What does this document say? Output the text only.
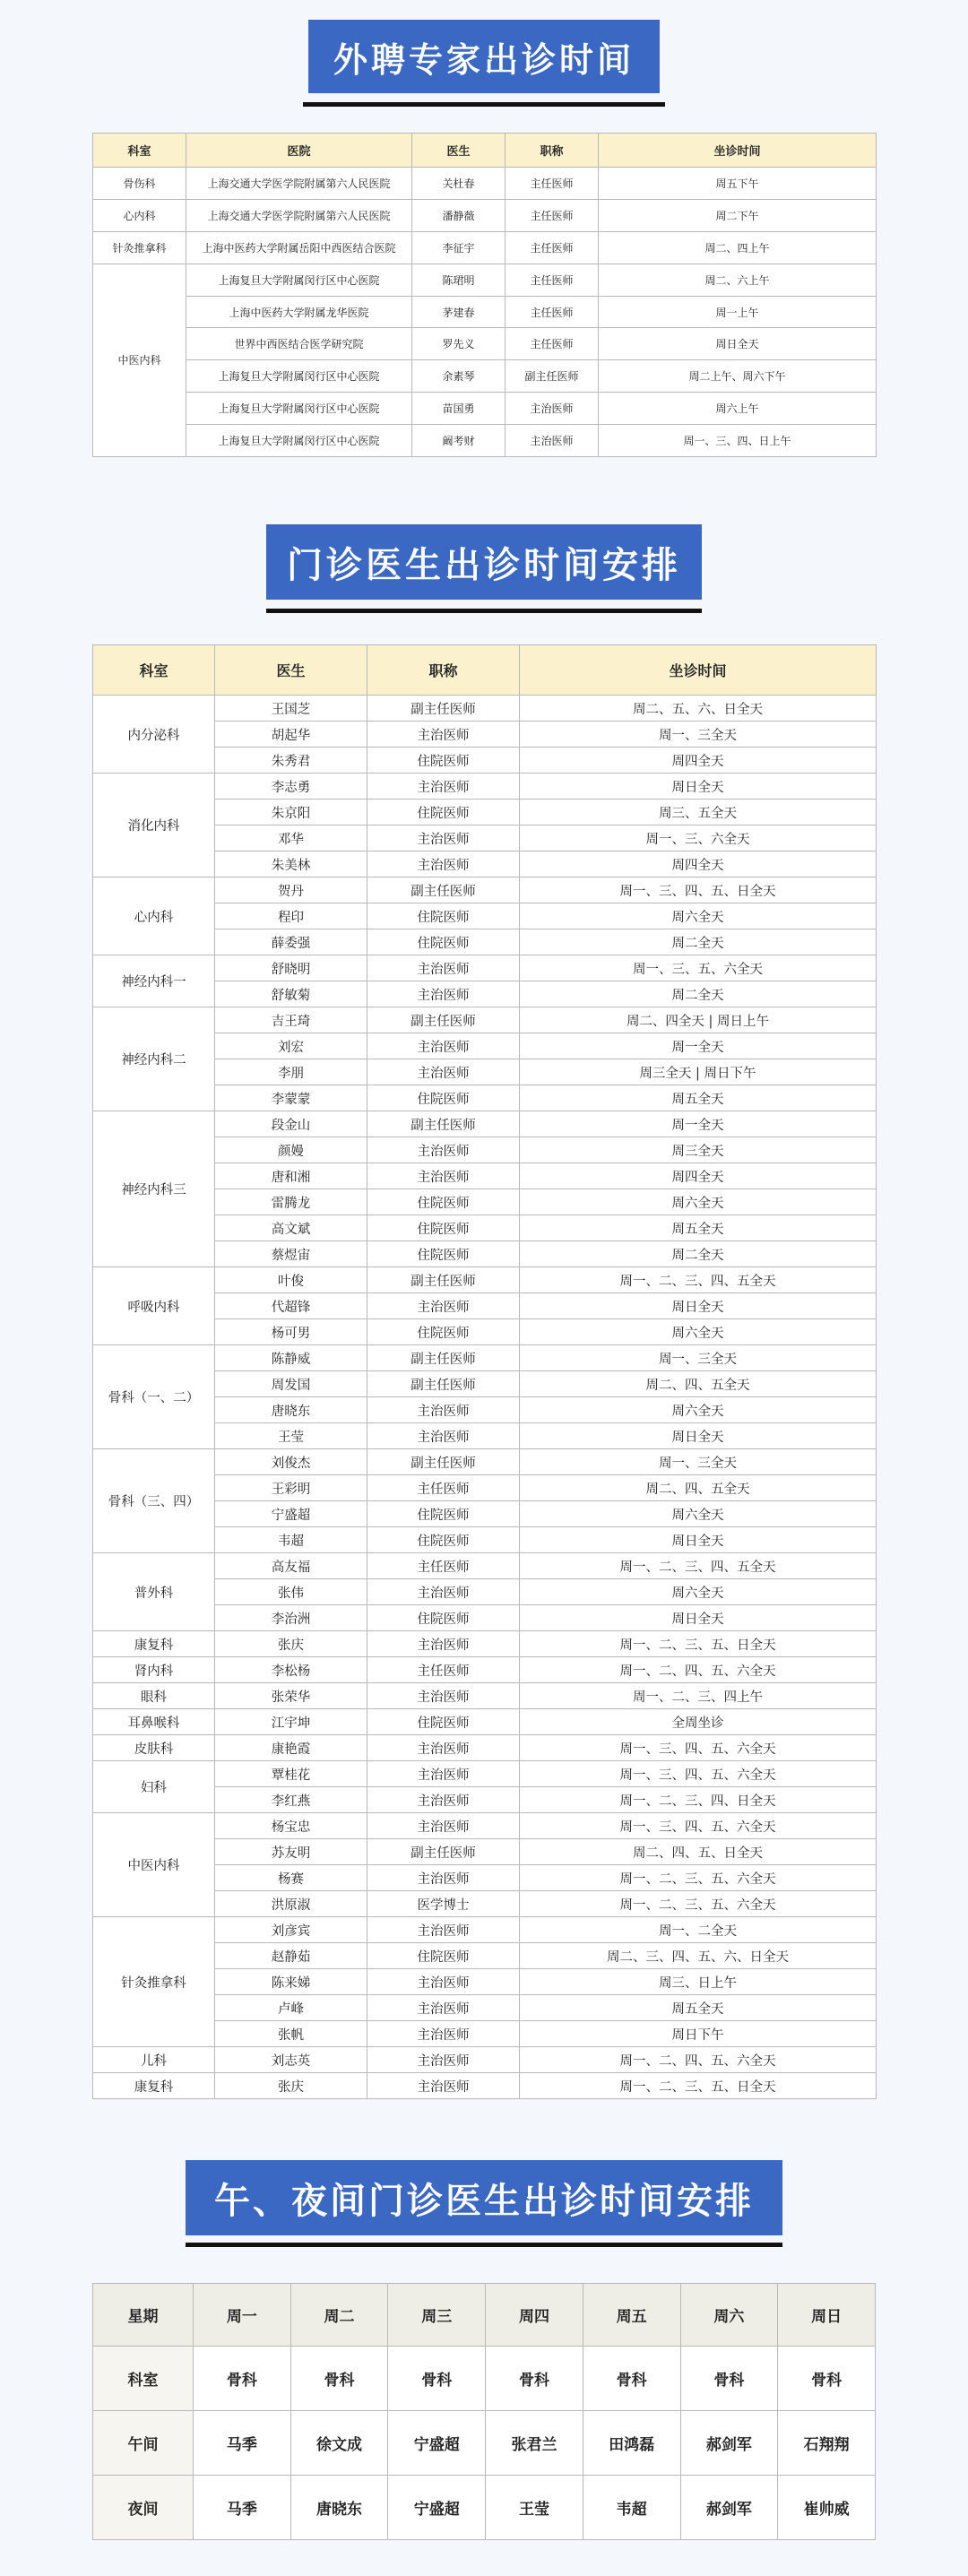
外聘专家出诊时间
科室	医院	医生	职称	坐诊时间
骨伤科	上海交通大学医学院附属第六人民医院	关杜春	主任医师	周五下午
心内科	上海交通大学医学院附属第六人民医院	潘静薇	主任医师	周二下午
针灸推拿科	上海中医药大学附属岳阳中西医结合医院	李征宇	主任医师	周二、四上午
中医内科	上海复旦大学附属闵行区中心医院	陈珺明	主任医师	周二、六上午
	上海中医药大学附属龙华医院	茅建春	主任医师	周一上午
	世界中西医结合医学研究院	罗先义	主任医师	周日全天
	上海复旦大学附属闵行区中心医院	余素琴	副主任医师	周二上午、周六下午
	上海复旦大学附属闵行区中心医院	苗国勇	主治医师	周六上午
	上海复旦大学附属闵行区中心医院	阚考财	主治医师	周一、三、四、日上午
门诊医生出诊时间安排
科室	医生	职称	坐诊时间
内分泌科	王国芝	副主任医师	周二、五、六、日全天
	胡起华	主治医师	周一、三全天
	朱秀君	住院医师	周四全天
消化内科	李志勇	主治医师	周日全天
	朱京阳	住院医师	周三、五全天
	邓华	主治医师	周一、三、六全天
	朱美林	主治医师	周四全天
心内科	贺丹	副主任医师	周一、三、四、五、日全天
	程印	住院医师	周六全天
	薛委强	住院医师	周二全天
神经内科一	舒晓明	主治医师	周一、三、五、六全天
	舒敏菊	主治医师	周二全天
神经内科二	吉王琦	副主任医师	周二、四全天 | 周日上午
	刘宏	主治医师	周一全天
	李朋	主治医师	周三全天 | 周日下午
	李蒙蒙	住院医师	周五全天
神经内科三	段金山	副主任医师	周一全天
	颜嫚	主治医师	周三全天
	唐和湘	主治医师	周四全天
	雷腾龙	住院医师	周六全天
	高文斌	住院医师	周五全天
	蔡煜宙	住院医师	周二全天
呼吸内科	叶俊	副主任医师	周一、二、三、四、五全天
	代超锋	主治医师	周日全天
	杨可男	住院医师	周六全天
骨科（一、二）	陈静威	副主任医师	周一、三全天
	周发国	副主任医师	周二、四、五全天
	唐晓东	主治医师	周六全天
	王莹	主治医师	周日全天
骨科（三、四）	刘俊杰	副主任医师	周一、三全天
	王彩明	主任医师	周二、四、五全天
	宁盛超	住院医师	周六全天
	韦超	住院医师	周日全天
普外科	高友福	主任医师	周一、二、三、四、五全天
	张伟	主治医师	周六全天
	李治洲	住院医师	周日全天
康复科	张庆	主治医师	周一、二、三、五、日全天
肾内科	李松杨	主任医师	周一、二、四、五、六全天
眼科	张荣华	主治医师	周一、二、三、四上午
耳鼻喉科	江宇坤	住院医师	全周坐诊
皮肤科	康艳霞	主治医师	周一、三、四、五、六全天
妇科	覃桂花	主治医师	周一、三、四、五、六全天
	李红燕	主治医师	周一、二、三、四、日全天
中医内科	杨宝忠	主治医师	周一、三、四、五、六全天
	苏友明	副主任医师	周二、四、五、日全天
	杨赛	主治医师	周一、二、三、五、六全天
	洪原淑	医学博士	周一、二、三、五、六全天
针灸推拿科	刘彦宾	主治医师	周一、二全天
	赵静茹	住院医师	周二、三、四、五、六、日全天
	陈来娣	主治医师	周三、日上午
	卢峰	主治医师	周五全天
	张帆	主治医师	周日下午
儿科	刘志英	主治医师	周一、二、四、五、六全天
康复科	张庆	主治医师	周一、二、三、五、日全天
午、夜间门诊医生出诊时间安排
星期	周一	周二	周三	周四	周五	周六	周日
科室	骨科	骨科	骨科	骨科	骨科	骨科	骨科
午间	马季	徐文成	宁盛超	张君兰	田鸿磊	郝剑军	石翔翔
夜间	马季	唐晓东	宁盛超	王莹	韦超	郝剑军	崔帅威
